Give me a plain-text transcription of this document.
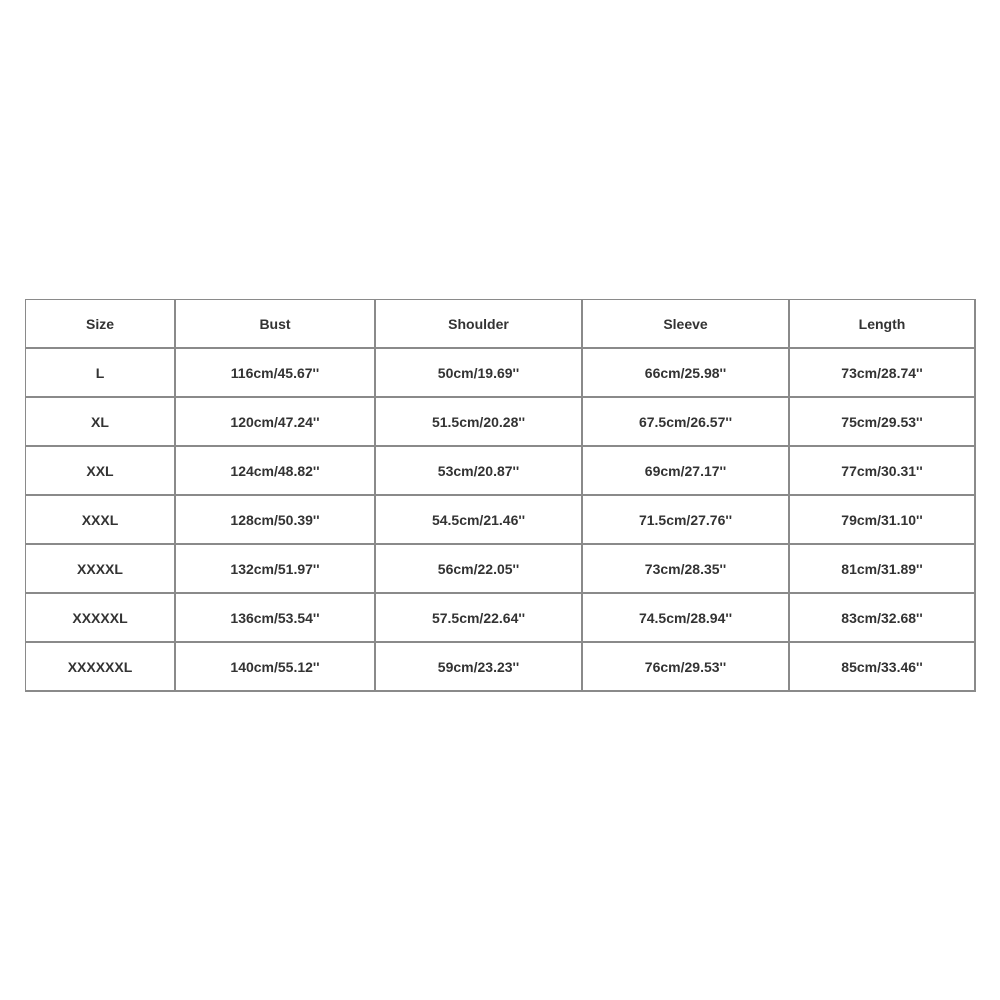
Size	Bust	Shoulder	Sleeve	Length
L	116cm/45.67''	50cm/19.69''	66cm/25.98''	73cm/28.74''
XL	120cm/47.24''	51.5cm/20.28''	67.5cm/26.57''	75cm/29.53''
XXL	124cm/48.82''	53cm/20.87''	69cm/27.17''	77cm/30.31''
XXXL	128cm/50.39''	54.5cm/21.46''	71.5cm/27.76''	79cm/31.10''
XXXXL	132cm/51.97''	56cm/22.05''	73cm/28.35''	81cm/31.89''
XXXXXL	136cm/53.54''	57.5cm/22.64''	74.5cm/28.94''	83cm/32.68''
XXXXXXL	140cm/55.12''	59cm/23.23''	76cm/29.53''	85cm/33.46''
